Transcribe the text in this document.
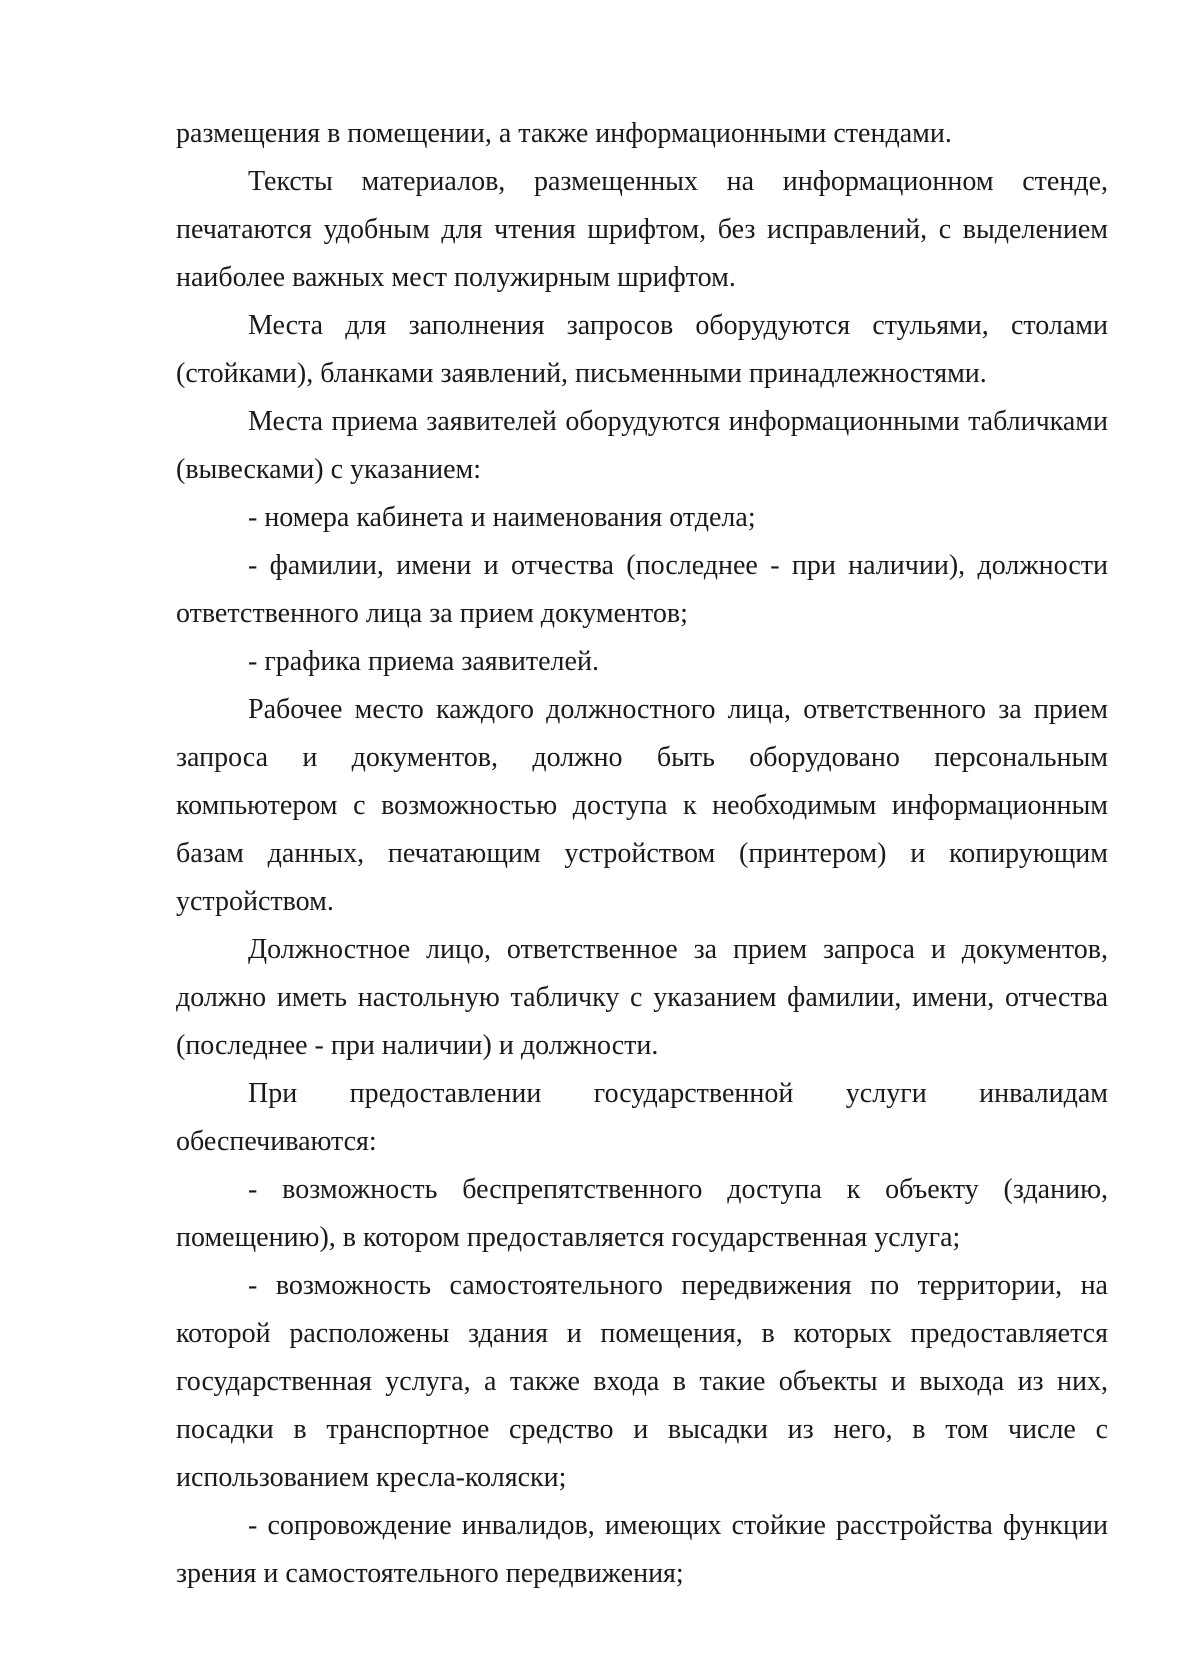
размещения в помещении, а также информационными стендами.

Тексты материалов, размещенных на информационном стенде, печатаются удобным для чтения шрифтом, без исправлений, с выделением наиболее важных мест полужирным шрифтом.

Места для заполнения запросов оборудуются стульями, столами (стойками), бланками заявлений, письменными принадлежностями.

Места приема заявителей оборудуются информационными табличками (вывесками) с указанием:

- номера кабинета и наименования отдела;

- фамилии, имени и отчества (последнее - при наличии), должности ответственного лица за прием документов;

- графика приема заявителей.

Рабочее место каждого должностного лица, ответственного за прием запроса и документов, должно быть оборудовано персональным компьютером с возможностью доступа к необходимым информационным базам данных, печатающим устройством (принтером) и копирующим устройством.

Должностное лицо, ответственное за прием запроса и документов, должно иметь настольную табличку с указанием фамилии, имени, отчества (последнее - при наличии) и должности.

При предоставлении государственной услуги инвалидам обеспечиваются:

- возможность беспрепятственного доступа к объекту (зданию, помещению), в котором предоставляется государственная услуга;

- возможность самостоятельного передвижения по территории, на которой расположены здания и помещения, в которых предоставляется государственная услуга, а также входа в такие объекты и выхода из них, посадки в транспортное средство и высадки из него, в том числе с использованием кресла-коляски;

- сопровождение инвалидов, имеющих стойкие расстройства функции зрения и самостоятельного передвижения;
